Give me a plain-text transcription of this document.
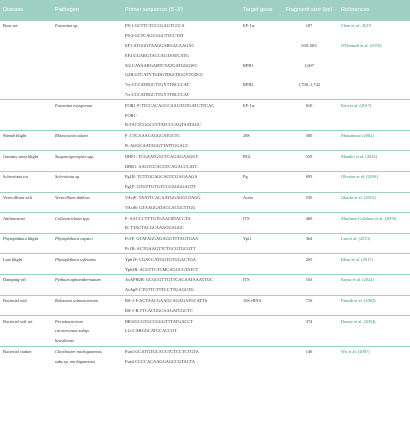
Disease	Pathogen	Primer sequence (5'-3')	Target gene	Fragment size (bp)	References
Root rot	Fusarium sp.	F8-1:GCTTCTCCCGAGTCCCA	EF-1α	187	Chen et al., 2019
		F8-2:GCTCAGCGGCTTCCTAT			
		EF1:ATGGGTAAGGARGACAAGAC		639–683	O'Donnell et al. (2010)
		EF2:GGARGTACCAGTSATCATG			
		5f2:CAYAARGARTCYATGATGGGWC	RPB1	1,607	
		G2R:GTCATYTGDGTDGCDGGYTCDCC			
		7cr:CCCATRGCTTGYTTRCCCAT	RPB2	1,700–1,742	
		7cr:CCCATRGCTTGYTTRCCCAT			
	Fusarium oxysporum	FOR1-F:TTCCACAGCCAAGTGTGATCTTCAC	EF-1α	610	Kim et al. (2017)
		FOR1-			
		R:TACTCGGCGTTATCCCAGTAATAGC			
Sheath blight	Rhizoctonia solani	F: CTCAAACAGGCATGCTC	28S	300	Matsumoto (2002)
		R: AGGCAATAGGTTATTGGACC			
Gummy stem blight	Stagonosporopsis spp.	DBF1: TCGAATGGCTCAGAGAAGGT	RGI	559	Mandio et al. (2022)
		DBR1: AAGTCCACGTCAGACCCATC			
Sclerotinia rot	Sclerotinia sp.	Pg1R: TCTTGCAGCAGTCGAGAAGA	Pg	695	Oliveira et al. (2016)
		Pg1F: GTGTTGTGTCCGAGGGAGTT			
Verticillium wilt	Verticillium dahliae	VActF: TAATTCACAATGGAGGGTAGG	Actin	530	Gharbi et al. (2015)
		VActR: GTAAGGATACCACGCTTGG			
Anthracnose	Colletotrichum spp.	F: AACCCTTTGTGAACRTACCTA	ITS	460	Martínez-Culebras et al. (2003)
		R: TTACTACGCAAAGGAGGC			
Phytophthora blight	Phytophthora capsici	Pc1F: GTATAGCAGAGGTTTAGTGAA	Ypt1	364	Lan et al. (2013)
		Pc1R: ACTGAAGTTCTGCGTGCGTT			
Late blight	Phytophthora infestans	Ypb1F: CGACCATGGTGTGGACTGA		205	Khan et al. (2017)
		Ypb2R: ACGTTCTCMCAGGCGTATCT			
Damping-off	Pythium aphanidermatum	AsAPH2R: GCGCGTTGTTCACAATAAATTGC	ITS	163	Kunsi et al. (2022)
		AsApF:CTGTTCTTTCCTTGAGGTG			
Bacterial wilt	Ralstonia solanacearum	RS-1-F:ACTAACGAAGCAGAGATGCATTA	16S rRNA	716	Pastrik et al. (2002)
		RS-1-R:TTCACGGCAAGATCGCTC			
Bacterial soft rot	Pectobacterium	BR1fGCGTGCCGGGTTTATGACCT		374	Duarte et al. (2004)
	carotovorum subsp.	L1r:CARGGCATCCACCGT			
	brasiliense				
Bacterial canker	Clavibacter michiganensis	Fun1:GCATGTGCACCTCTCCTCTGTA		146	Wu et al. (2007)
	subs sp. michiganensis	Fun2:CCCCACAAGGAGCCGTACTA			
